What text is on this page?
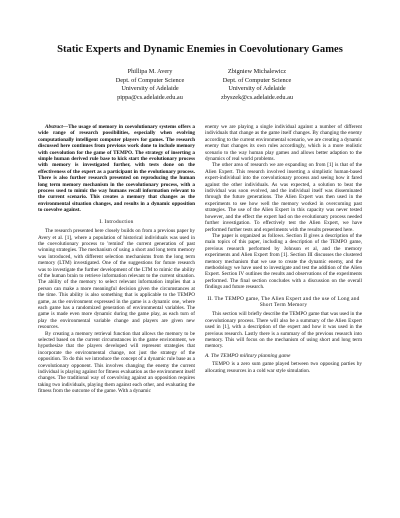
Static Experts and Dynamic Enemies in Coevolutionary Games
Phillipa M. Avery
Dept. of Computer Science
University of Adelaide
pippa@cs.adelaide.edu.au
Zbigniew Michalewicz
Dept. of Computer Science
University of Adelaide
zbyszek@cs.adelaide.edu.au

Abstract—The usage of memory in coevolutionary systems offers a wide range of research possibilities, especially when evolving computationally intelligent computer players for games. The research discussed here continues from previous work done to include memory with coevolution for the game of TEMPO. The strategy of inserting a simple human derived rule base to kick start the evolutionary process with memory is investigated further, with tests done on the effectiveness of the expert as a participant in the evolutionary process. There is also further research presented on reproducing the human long term memory mechanism in the coevolutionary process, with a process used to mimic the way humans recall information relevant to the current scenario. This creates a memory that changes as the environmental situation changes, and results in a dynamic opposition to coevolve against.

I. Introduction

The research presented here closely builds on from a previous paper by Avery et al. [1], where a population of historical individuals was used in the coevolutionary process to 'remind' the current generation of past winning strategies. The mechanism of using a short and long term memory was introduced, with different selection mechanisms from the long term memory (LTM) investigated. One of the suggestions for future research was to investigate the further development of the LTM to mimic the ability of the human brain to retrieve information relevant to the current situation. The ability of the memory to select relevant information implies that a person can make a more meaningful decision given the circumstances at the time. This ability is also something that is applicable to the TEMPO game, as the environment expressed in the game is a dynamic one, where each game has a randomized generation of environmental variables. The game is made even more dynamic during the game play, as each turn of play the environmental variable change and players are given new resources.

By creating a memory retrieval function that allows the memory to be selected based on the current circumstances in the game environment, we hypothesize that the players developed will represent strategies that incorporate the environmental change, not just the strategy of the opposition. To do this we introduce the concept of a dynamic rule base as a coevolutionary opponent. This involves changing the enemy the current individual is playing against for fitness evaluation as the environment itself changes. The traditional way of coevolving against an opposition requires taking two individuals, playing them against each other, and evaluating the fitness from the outcome of the game. With a dynamic

enemy we are playing a single individual against a number of different individuals that change as the game itself changes. By changing the enemy according to the current environmental scenario, we are creating a dynamic enemy that changes its own rules accordingly, which is a more realistic scenario to the way human play games and allows better adaption to the dynamics of real world problems.

The other area of research we are expanding on from [1] is that of the Alien Expert. This research involved inserting a simplistic human-based expert-individual into the coevolutionary process and seeing how it fared against the other individuals. As was expected, a solution to beat the individual was soon evolved, and the individual itself was disseminated through the future generations. The Alien Expert was then used in the experiments to see how well the memory worked in overcoming past strategies. The use of the Alien Expert in this capacity was never tested however, and the effect the expert had on the evolutionary process needed further investigation. To effectively test the Alien Expert, we have performed further tests and experiments with the results presented here.

The paper is organized as follows. Section II gives a description of the main topics of this paper, including a description of the TEMPO game, previous research performed by Johnson et al, and the memory experiments and Alien Expert from [1]. Section III discusses the clustered memory mechanism that we use to create the dynamic enemy, and the methodology we have used to investigate and test the addition of the Alien Expert. Section IV outlines the results and observations of the experiments performed. The final section concludes with a discussion on the overall findings and future research.

II. The TEMPO game, The Alien Expert and the use of Long and Short Term Memory

This section will briefly describe the TEMPO game that was used in the coevolutionary process. There will also be a summary of the Alien Expert used in [1], with a description of the expert and how it was used in the previous research. Lastly there is a summary of the previous research into memory. This will focus on the mechanism of using short and long term memory.

A. The TEMPO military planning game

TEMPO is a zero sum game played between two opposing parties by allocating resources in a cold war style simulation.
